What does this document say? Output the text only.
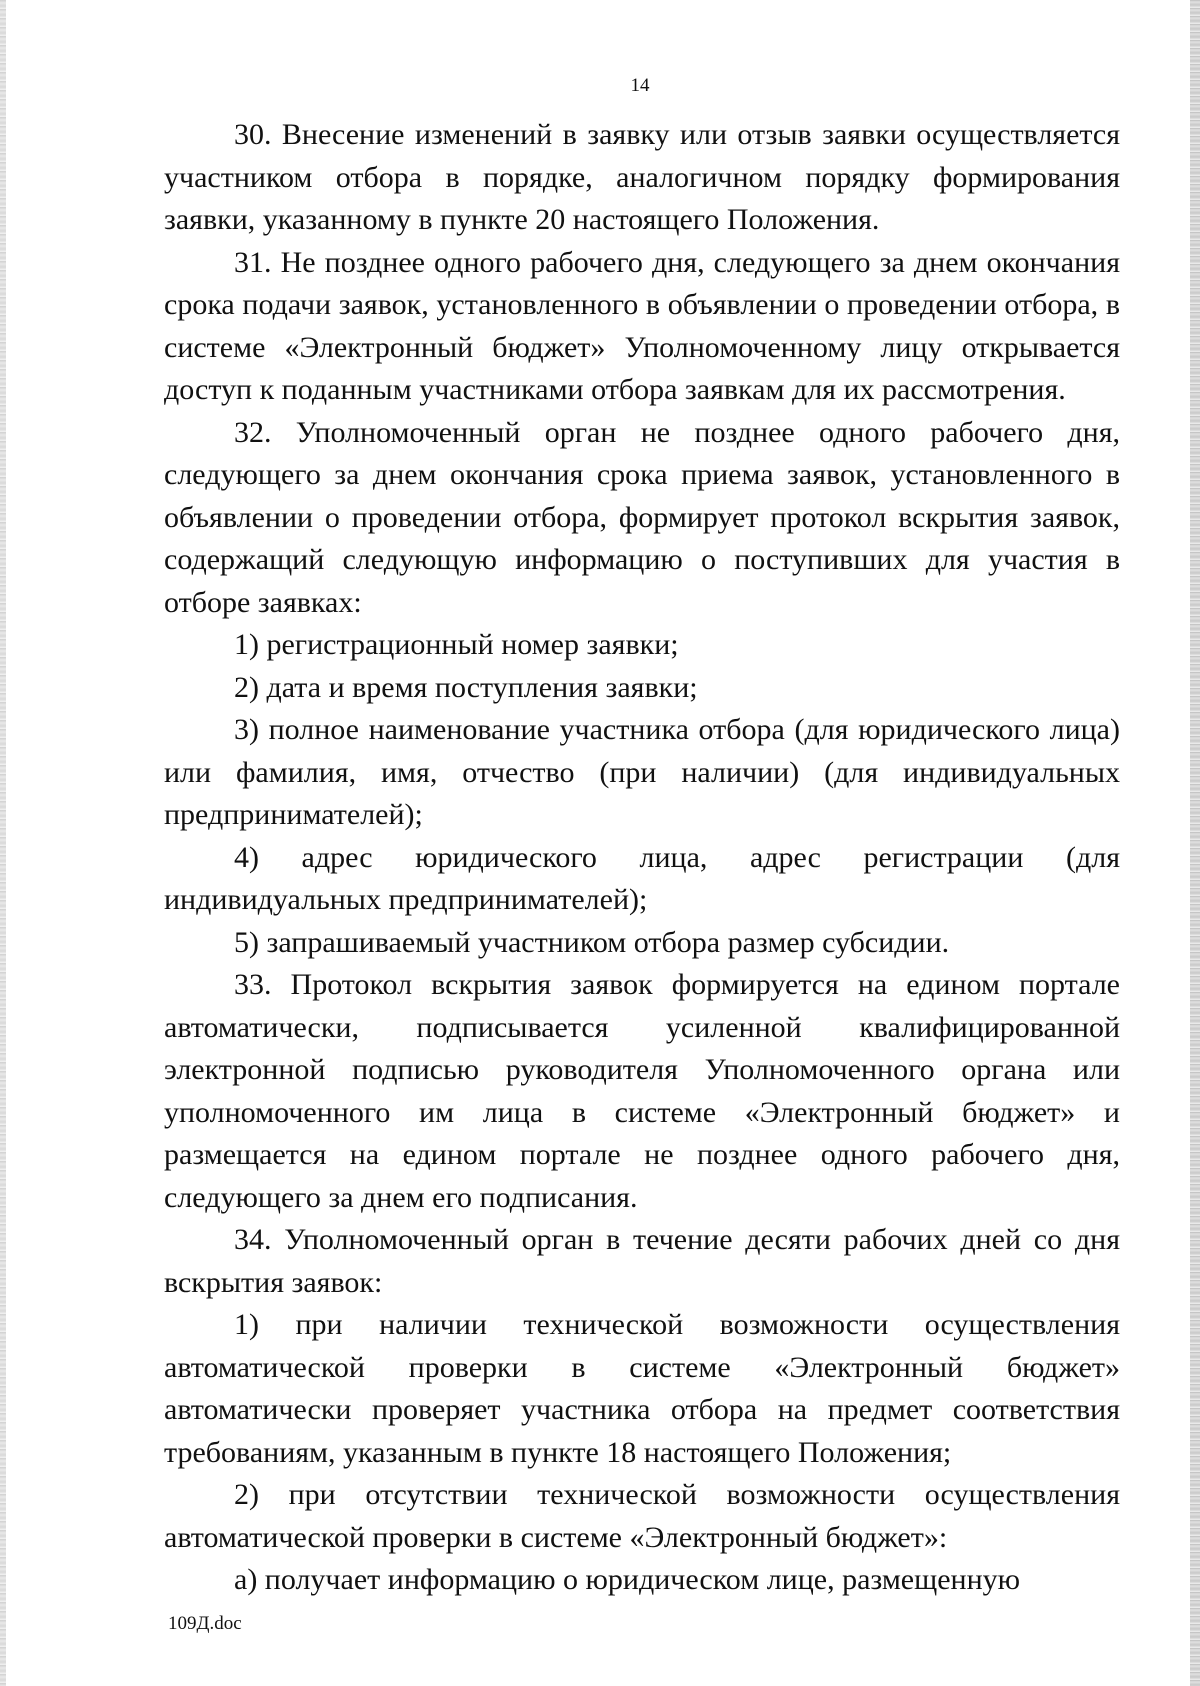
14

30. Внесение изменений в заявку или отзыв заявки осуществляется участником отбора в порядке, аналогичном порядку формирования заявки, указанному в пункте 20 настоящего Положения.

31. Не позднее одного рабочего дня, следующего за днем окончания срока подачи заявок, установленного в объявлении о проведении отбора, в системе «Электронный бюджет» Уполномоченному лицу открывается доступ к поданным участниками отбора заявкам для их рассмотрения.

32. Уполномоченный орган не позднее одного рабочего дня, следующего за днем окончания срока приема заявок, установленного в объявлении о проведении отбора, формирует протокол вскрытия заявок, содержащий следующую информацию о поступивших для участия в отборе заявках:

1) регистрационный номер заявки;

2) дата и время поступления заявки;

3) полное наименование участника отбора (для юридического лица) или фамилия, имя, отчество (при наличии) (для индивидуальных предпринимателей);

4) адрес юридического лица, адрес регистрации (для индивидуальных предпринимателей);

5) запрашиваемый участником отбора размер субсидии.

33. Протокол вскрытия заявок формируется на едином портале автоматически, подписывается усиленной квалифицированной электронной подписью руководителя Уполномоченного органа или уполномоченного им лица в системе «Электронный бюджет» и размещается на едином портале не позднее одного рабочего дня, следующего за днем его подписания.

34. Уполномоченный орган в течение десяти рабочих дней со дня вскрытия заявок:

1) при наличии технической возможности осуществления автоматической проверки в системе «Электронный бюджет» автоматически проверяет участника отбора на предмет соответствия требованиям, указанным в пункте 18 настоящего Положения;

2) при отсутствии технической возможности осуществления автоматической проверки в системе «Электронный бюджет»:

а) получает информацию о юридическом лице, размещенную

109Д.doc
